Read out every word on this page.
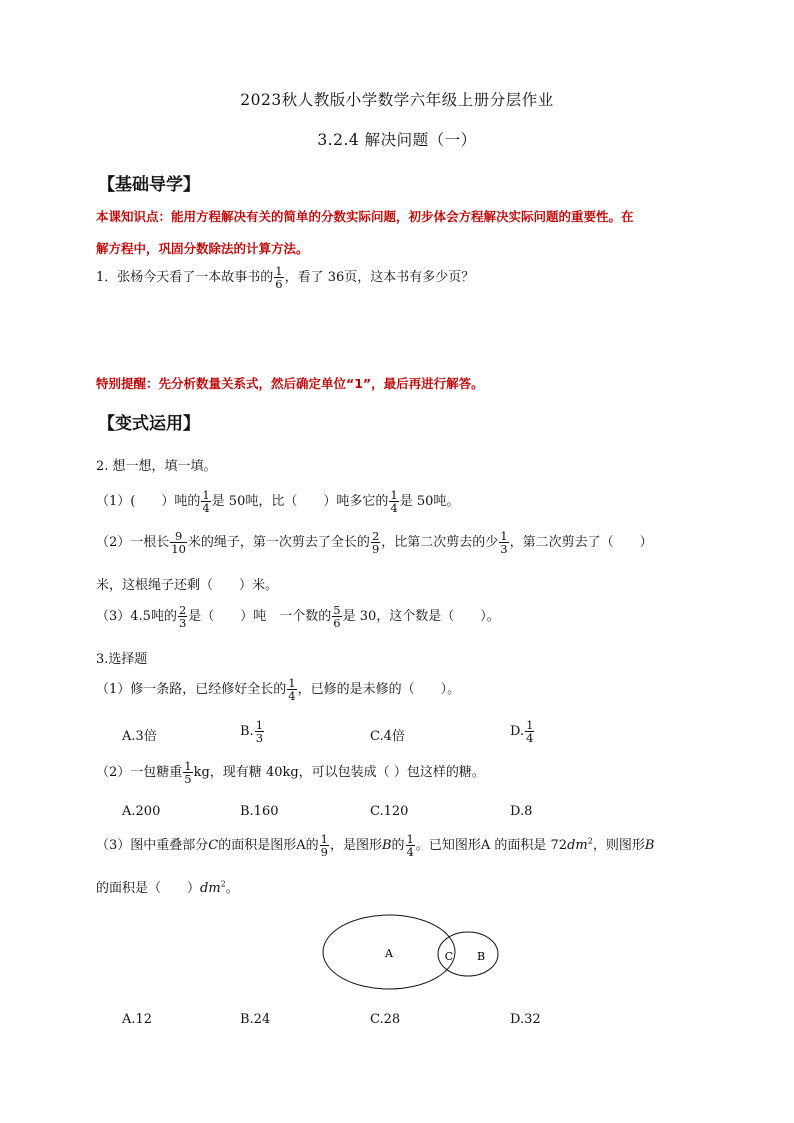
2023秋人教版小学数学六年级上册分层作业
3.2.4 解决问题（一）
【基础导学】
本课知识点：能用方程解决有关的简单的分数实际问题，初步体会方程解决实际问题的重要性。在
解方程中，巩固分数除法的计算方法。
1．张杨今天看了一本故事书的 $\frac{1}{6}$ ，看了 36页，这本书有多少页？
特别提醒：先分析数量关系式，然后确定单位“1”，最后再进行解答。
【变式运用】
2. 想一想，填一填。
（1）(　　）吨的 $\frac{1}{4}$ 是 50吨，比（　　）吨多它的 $\frac{1}{4}$ 是 50吨。
（2）一根长 $\frac{9}{10}$ 米的绳子，第一次剪去了全长的 $\frac{2}{9}$ ，比第二次剪去的少 $\frac{1}{3}$ ，第二次剪去了（　　）
米，这根绳子还剩（　　）米。
（3）4.5吨的 $\frac{2}{3}$ 是（　　）吨　一个数的 $\frac{5}{6}$ 是 30，这个数是（　　）。
3.选择题
（1）修一条路，已经修好全长的 $\frac{1}{4}$ ，已修的是未修的（　　）。
A.3倍	B. $\frac{1}{3}$	C.4倍	D. $\frac{1}{4}$
（2）一包糖重 $\frac{1}{5}$ kg，现有糖 40kg，可以包装成（ ）包这样的糖。
A.200	B.160	C.120	D.8
（3）图中重叠部分C的面积是图形A的 $\frac{1}{9}$ ，是图形B的 $\frac{1}{4}$ 。已知图形A 的面积是 $72dm^2$，则图形B
的面积是（　　）$dm^2$。
A	C B
A.12	B.24	C.28	D.32
